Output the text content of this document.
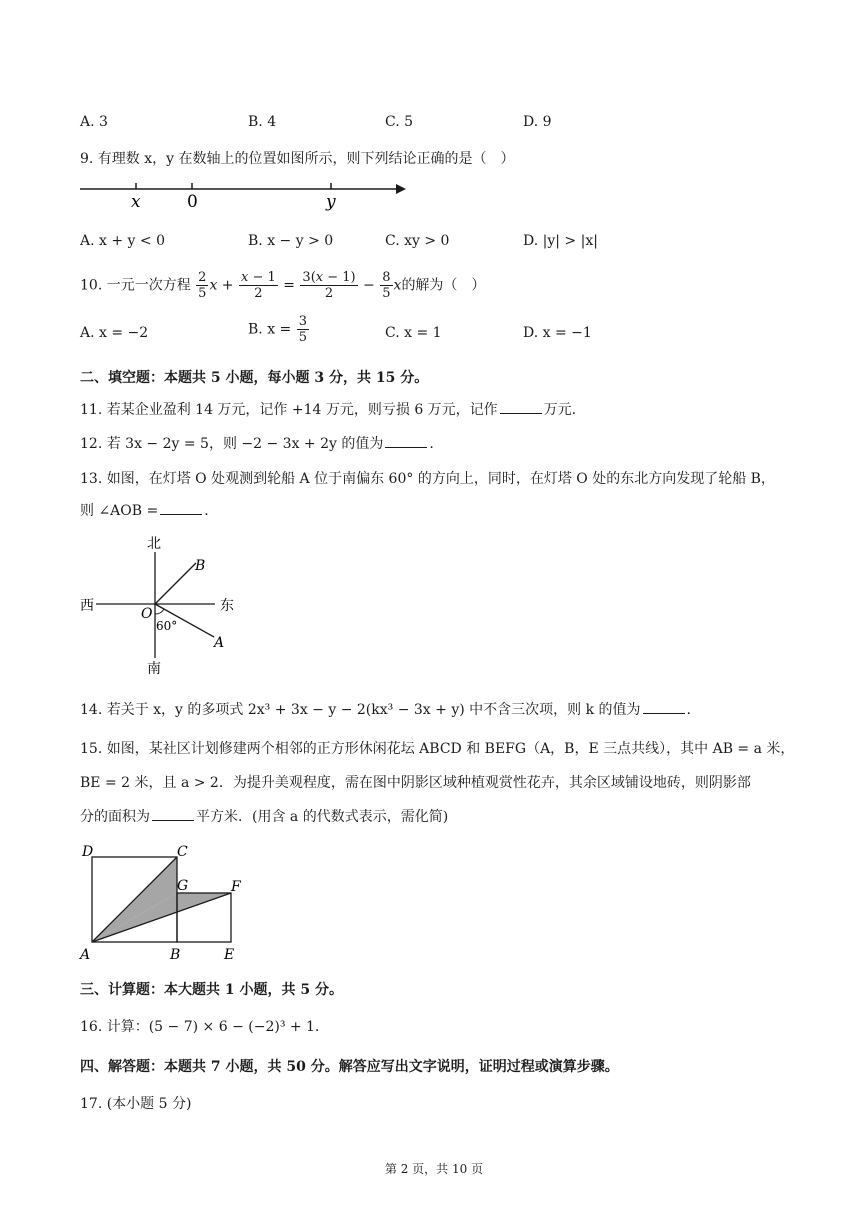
A. 3	B. 4	C. 5	D. 9
9. 有理数 x，y 在数轴上的位置如图所示，则下列结论正确的是（　）
x	0	y
A. x + y < 0	B. x − y > 0	C. xy > 0	D. |y| > |x|
10. 一元一次方程 $\frac{2}{5}$ $x + \frac{x - 1}{2} = \frac{3(x - 1)}{2} - \frac{8}{5}$ x的解为（　）
A. x = −2	B. $x = \frac{3}{5}$	C. x = 1	D. x = −1
二、填空题：本题共 5 小题，每小题 3 分，共 15 分。
11. 若某企业盈利 14 万元，记作 +14 万元，则亏损 6 万元，记作	万元.
12. 若 3x − 2y = 5，则 −2 − 3x + 2y 的值为	.
13. 如图，在灯塔 O 处观测到轮船 A 位于南偏东 60° 的方向上，同时，在灯塔 O 处的东北方向发现了轮船 B，
则 ∠AOB =	.
北
南
西	东
O
A
B
60°
14. 若关于 x，y 的多项式 2x³ + 3x − y − 2(kx³ − 3x + y) 中不含三次项，则 k 的值为	.
15. 如图，某社区计划修建两个相邻的正方形休闲花坛 ABCD 和 BEFG（A，B，E 三点共线），其中 AB = a 米，
BE = 2 米，且 a > 2．为提升美观程度，需在图中阴影区域种植观赏性花卉，其余区域铺设地砖，则阴影部
分的面积为	平方米．(用含 a 的代数式表示，需化简)
D	C
G	F
A	B	E
三、计算题：本大题共 1 小题，共 5 分。
16. 计算：(5 − 7) × 6 − (−2)³ + 1．
四、解答题：本题共 7 小题，共 50 分。解答应写出文字说明，证明过程或演算步骤。
17. (本小题 5 分)
第 2 页，共 10 页
